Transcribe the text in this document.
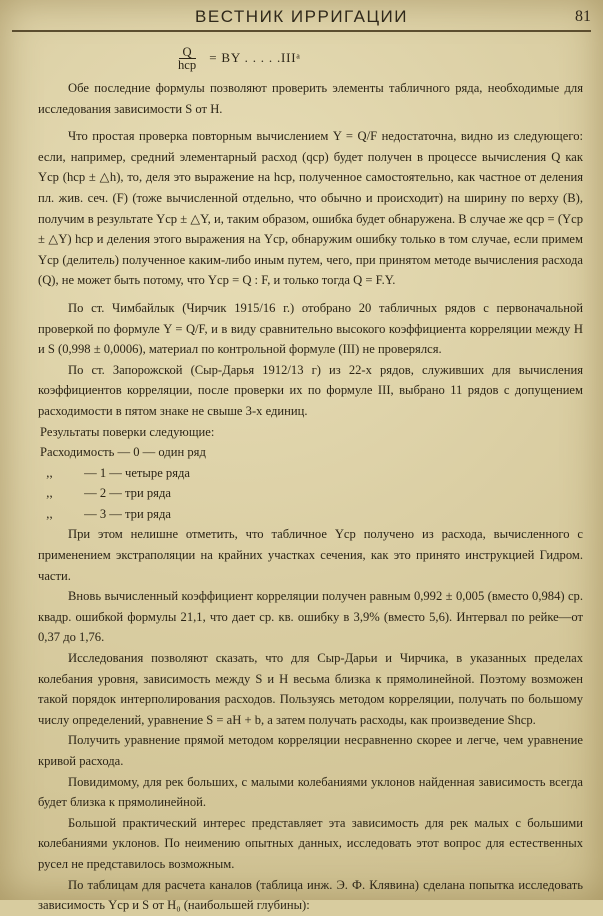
ВЕСТНИК ИРРИГАЦИИ	81
$\frac{Q}{\text{hср}}$ = BY . . . . .IIIᵃ

Обе последние формулы позволяют проверить элементы табличного ряда, необходимые для исследования зависимости S от H.

Что простая проверка повторным вычислением Y = Q/F недостаточна, видно из следующего: если, например, средний элементарный расход (qср) будет получен в процессе вычисления Q как Yср (hср ± △h), то, деля это выражение на hср, полученное самостоятельно, как частное от деления пл. жив. сеч. (F) (тоже вычисленной отдельно, что обычно и происходит) на ширину по верху (B), получим в результате Yср ± △Y, и, таким образом, ошибка будет обнаружена. В случае же qср = (Yср ± △Y) hср и деления этого выражения на Yср, обнаружим ошибку только в том случае, если примем Yср (делитель) полученное каким-либо иным путем, чего, при принятом методе вычисления расхода (Q), не может быть потому, что Yср = Q : F, и только тогда Q = F.Y.

По ст. Чимбайлык (Чирчик 1915/16 г.) отобрано 20 табличных рядов с первоначальной проверкой по формуле Y = Q/F, и в виду сравнительно высокого коэффициента корреляции между H и S (0,998 ± 0,0006), материал по контрольной формуле (III) не проверялся.

По ст. Запорожской (Сыр-Дарья 1912/13 г) из 22-х рядов, служивших для вычисления коэффициентов корреляции, после проверки их по формуле III, выбрано 11 рядов с допущением расходимости в пятом знаке не свыше 3-х единиц.

Результаты поверки следующие:
Расходимость — 0 — один ряд
,,          — 1 — четыре ряда
,,          — 2 — три ряда
,,          — 3 — три ряда

При этом нелишне отметить, что табличное Yср получено из расхода, вычисленного с применением экстраполяции на крайних участках сечения, как это принято инструкцией Гидром. части.

Вновь вычисленный коэффициент корреляции получен равным 0,992 ± 0,005 (вместо 0,984) ср. квадр. ошибкой формулы 21,1, что дает ср. кв. ошибку в 3,9% (вместо 5,6). Интервал по рейке—от 0,37 до 1,76.

Исследования позволяют сказать, что для Сыр-Дарьи и Чирчика, в указанных пределах колебания уровня, зависимость между S и H весьма близка к прямолинейной. Поэтому возможен такой порядок интерполирования расходов. Пользуясь методом корреляции, получать по большому числу определений, уравнение S = aH + b, а затем получать расходы, как произведение Shср.

Получить уравнение прямой методом корреляции несравненно скорее и легче, чем уравнение кривой расхода.

Повидимому, для рек больших, с малыми колебаниями уклонов найденная зависимость всегда будет близка к прямолинейной.

Большой практический интерес представляет эта зависимость для рек малых с большими колебаниями уклонов. По неимению опытных данных, исследовать этот вопрос для естественных русел не представилось возможным.

По таблицам для расчета каналов (таблица инж. Э. Ф. Клявина) сделана попытка исследовать зависимость Yср и S от H₀ (наибольшей глубины):
